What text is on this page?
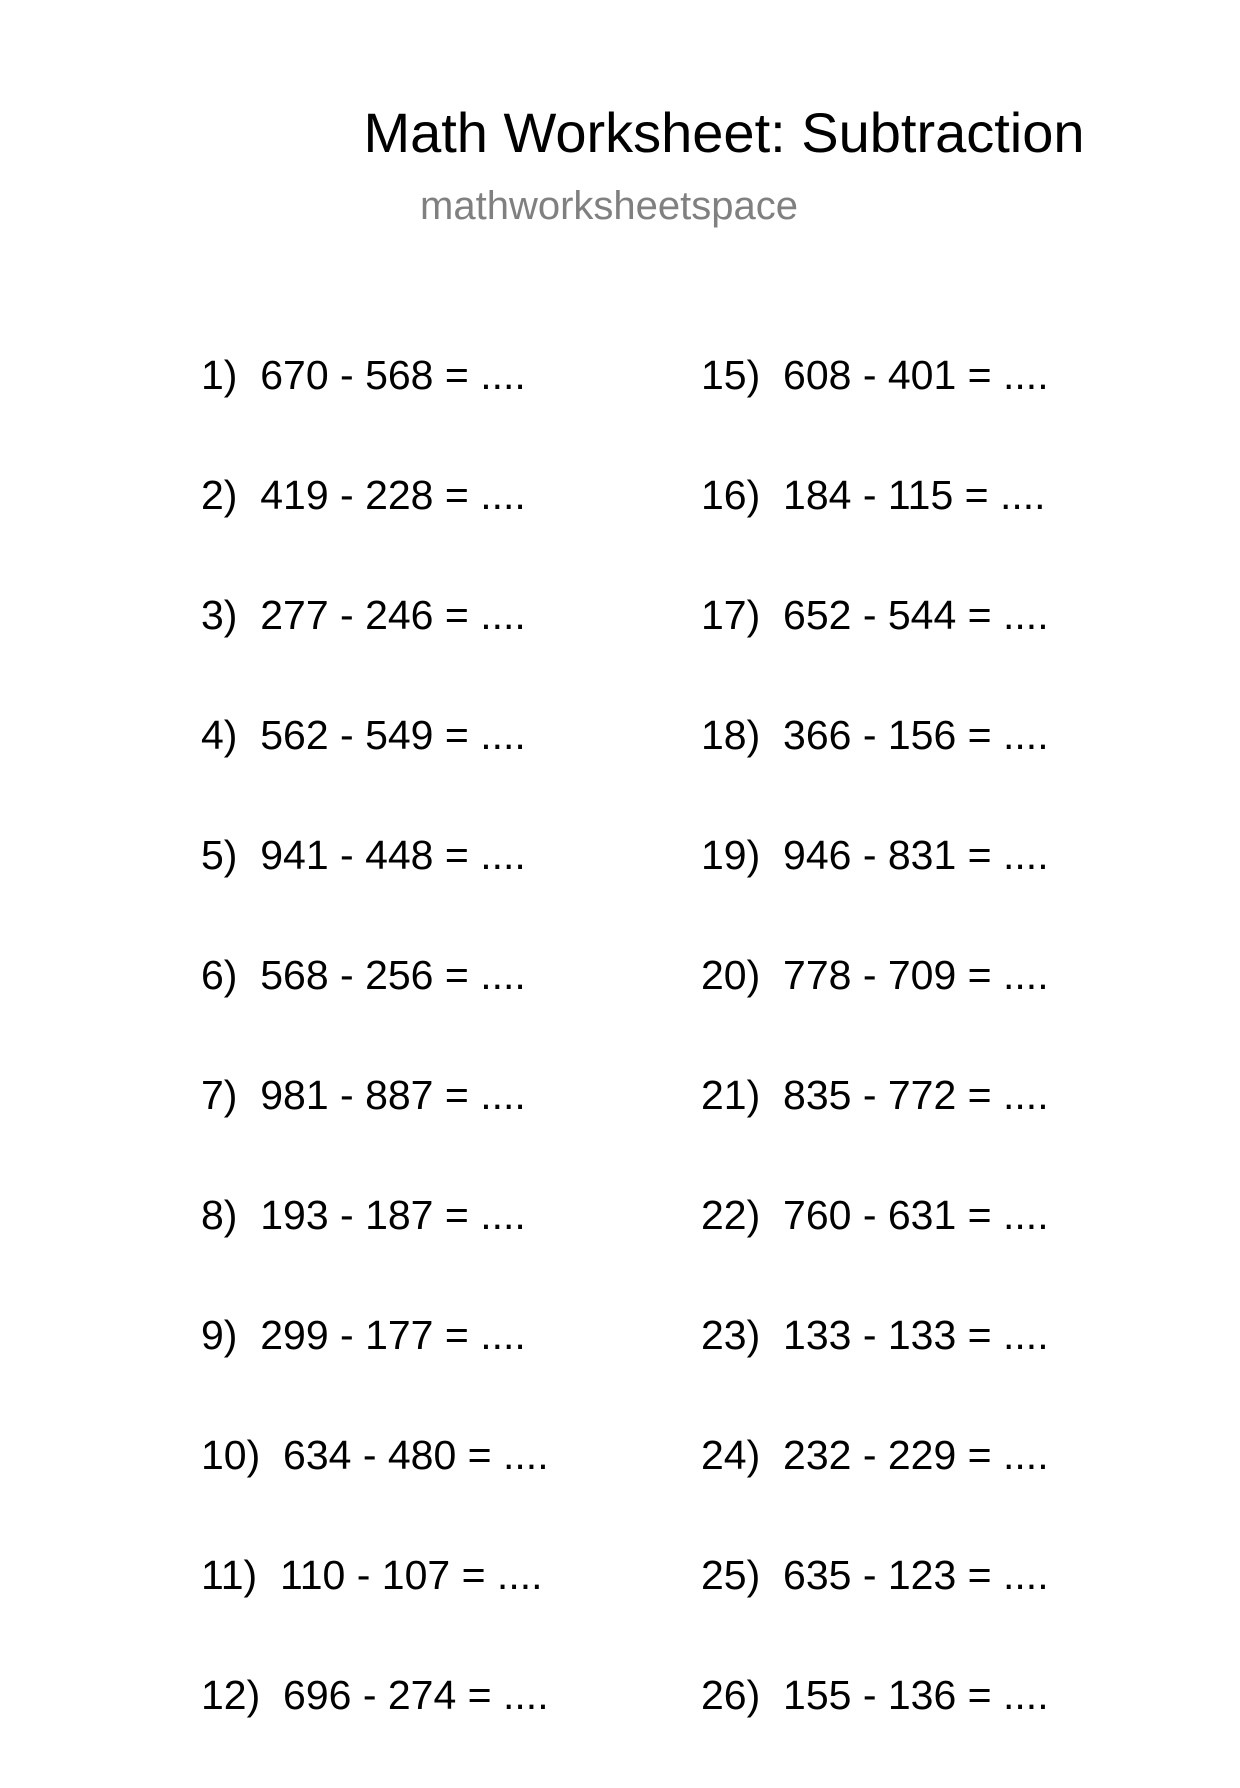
Math Worksheet: Subtraction
mathworksheetspace
1)  670 - 568 = ....
2)  419 - 228 = ....
3)  277 - 246 = ....
4)  562 - 549 = ....
5)  941 - 448 = ....
6)  568 - 256 = ....
7)  981 - 887 = ....
8)  193 - 187 = ....
9)  299 - 177 = ....
10)  634 - 480 = ....
11)  110 - 107 = ....
12)  696 - 274 = ....
15)  608 - 401 = ....
16)  184 - 115 = ....
17)  652 - 544 = ....
18)  366 - 156 = ....
19)  946 - 831 = ....
20)  778 - 709 = ....
21)  835 - 772 = ....
22)  760 - 631 = ....
23)  133 - 133 = ....
24)  232 - 229 = ....
25)  635 - 123 = ....
26)  155 - 136 = ....
